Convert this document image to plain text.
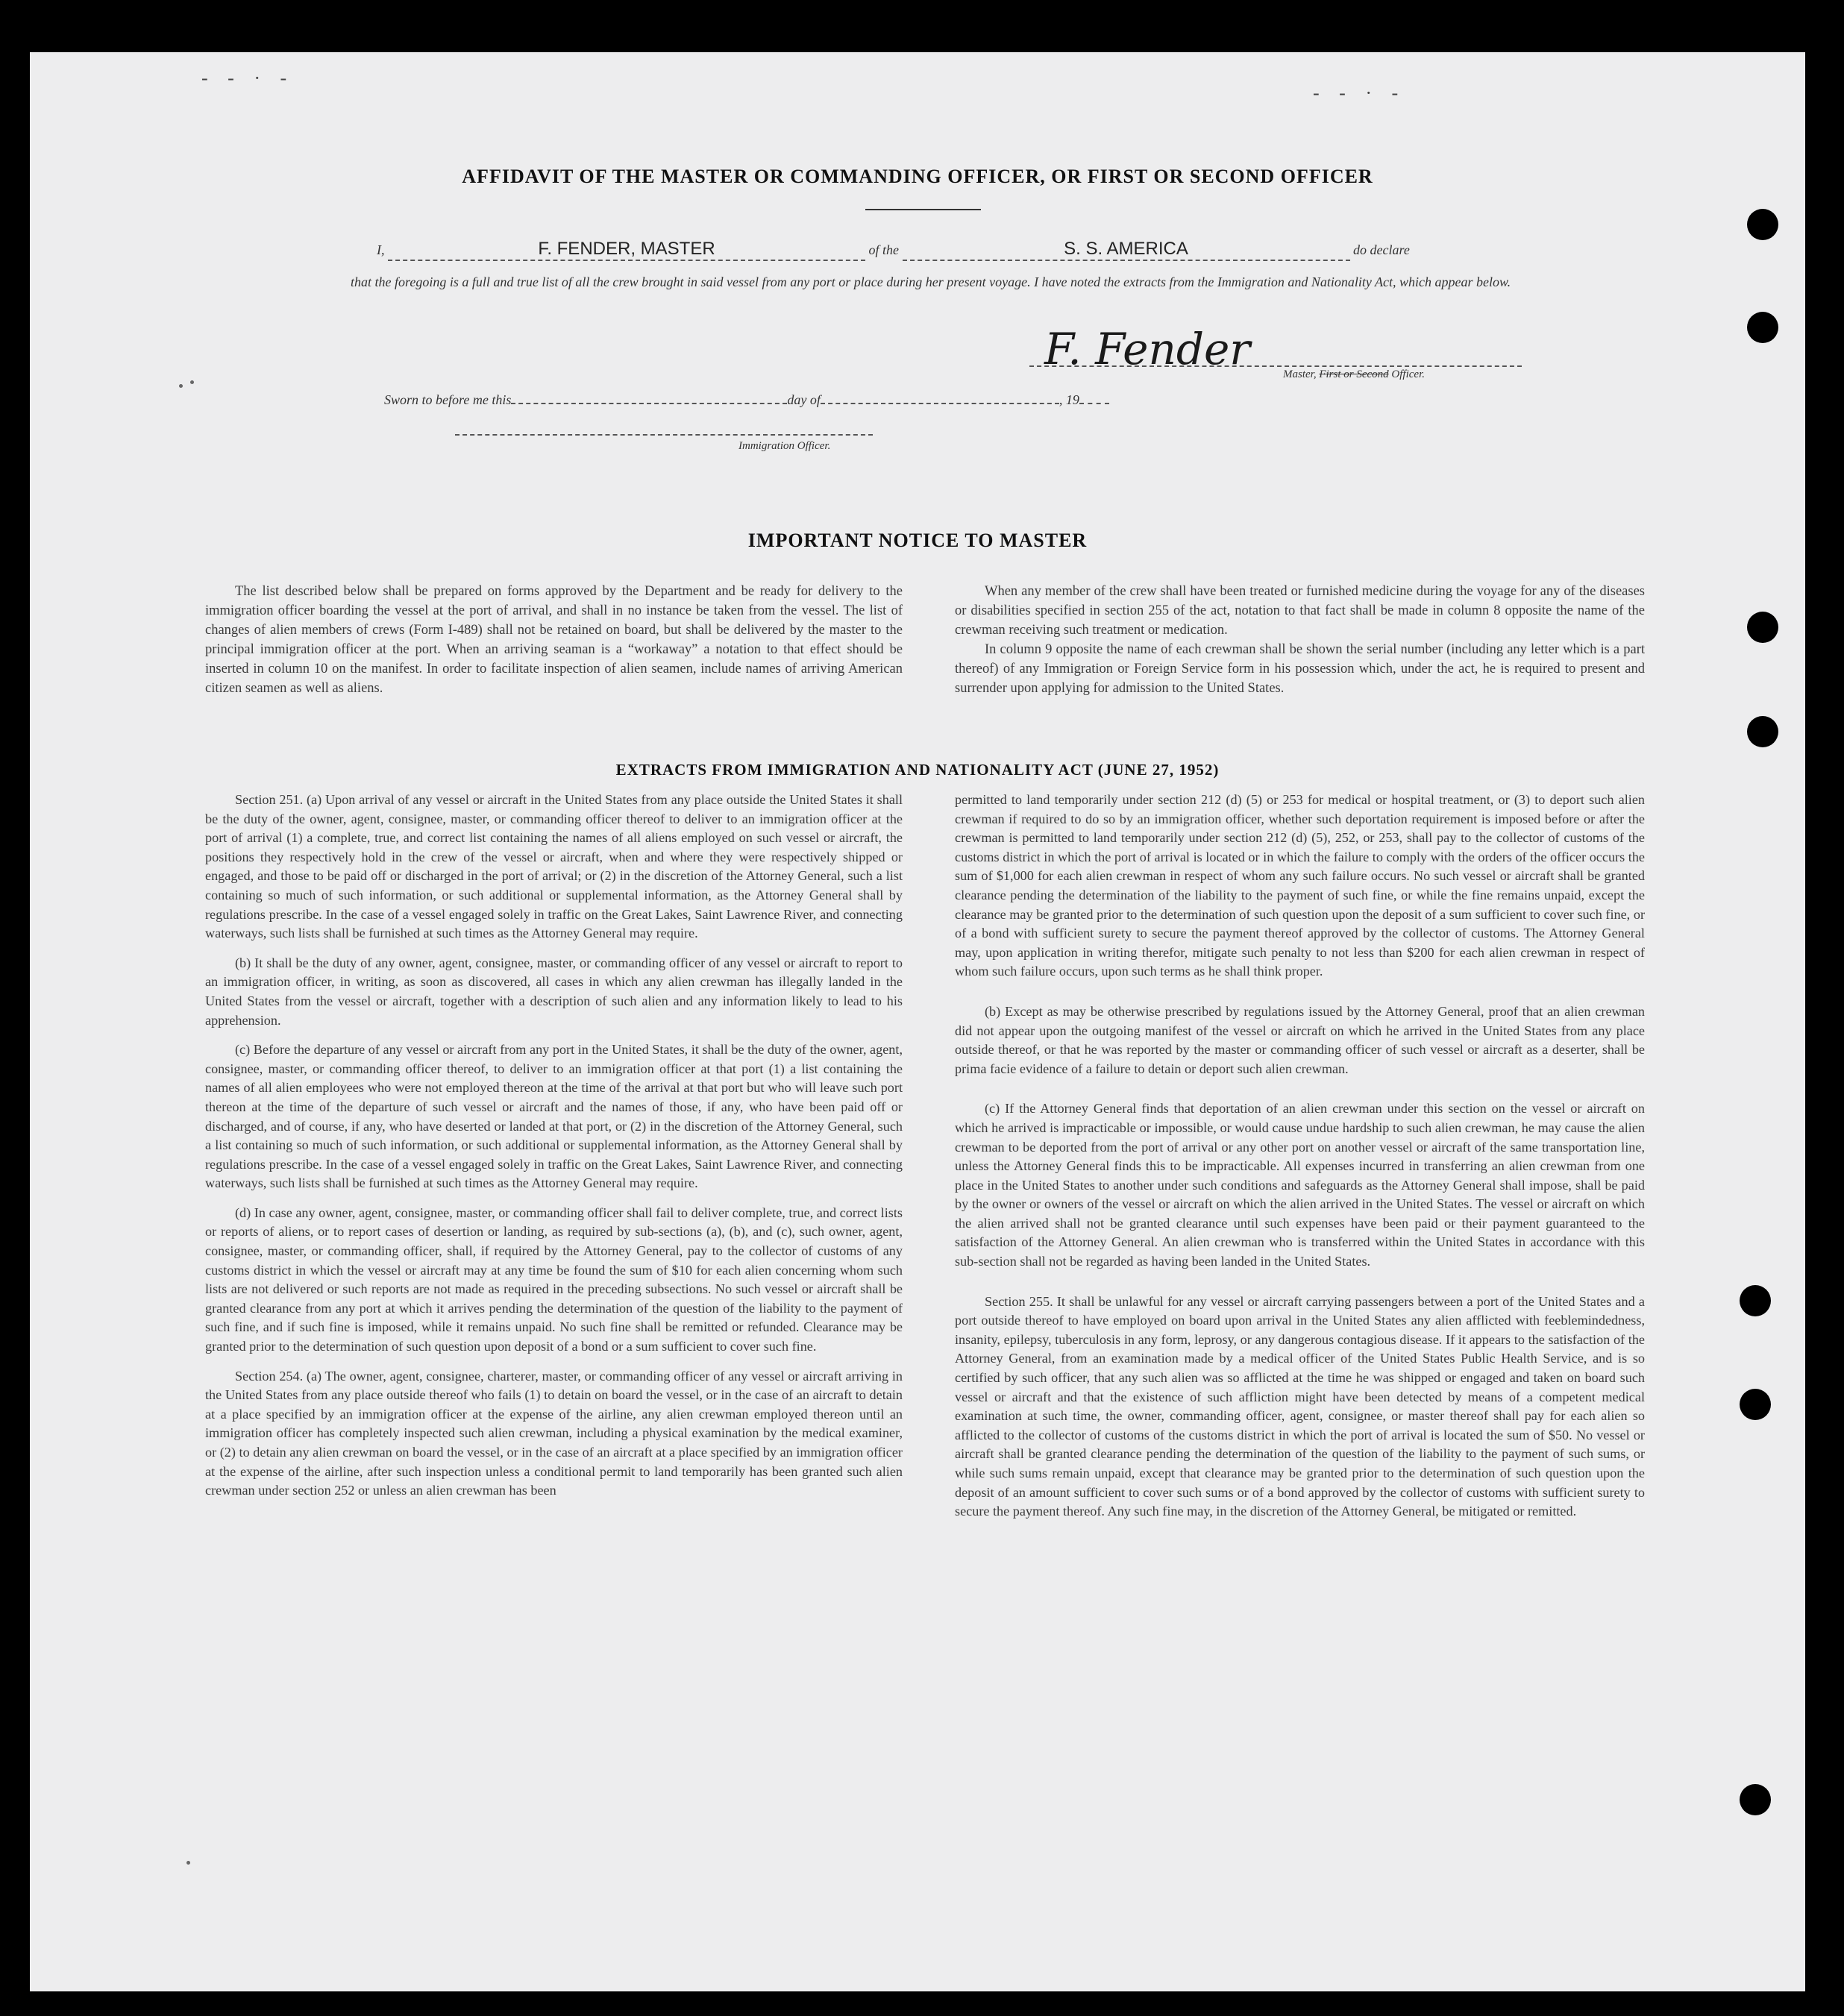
- - · -
- - · -
AFFIDAVIT OF THE MASTER OR COMMANDING OFFICER, OR FIRST OR SECOND OFFICER
I,	F. FENDER, MASTER	of the	S. S. AMERICA	do declare
that the foregoing is a full and true list of all the crew brought in said vessel from any port or place during her present voyage. I have noted the extracts from the Immigration and Nationality Act, which appear below.
F. Fender	Master, First or Second Officer.
Sworn to before me this	day of	, 19
Immigration Officer.
IMPORTANT NOTICE TO MASTER

The list described below shall be prepared on forms approved by the Department and be ready for delivery to the immigration officer boarding the vessel at the port of arrival, and shall in no instance be taken from the vessel. The list of changes of alien members of crews (Form I-489) shall not be retained on board, but shall be delivered by the master to the principal immigration officer at the port. When an arriving seaman is a “workaway” a notation to that effect should be inserted in column 10 on the manifest. In order to facilitate inspection of alien seamen, include names of arriving American citizen seamen as well as aliens.

When any member of the crew shall have been treated or furnished medicine during the voyage for any of the diseases or disabilities specified in section 255 of the act, notation to that fact shall be made in column 8 opposite the name of the crewman receiving such treatment or medication.

In column 9 opposite the name of each crewman shall be shown the serial number (including any letter which is a part thereof) of any Immigration or Foreign Service form in his possession which, under the act, he is required to present and surrender upon applying for admission to the United States.

EXTRACTS FROM IMMIGRATION AND NATIONALITY ACT (JUNE 27, 1952)

Section 251. (a) Upon arrival of any vessel or aircraft in the United States from any place outside the United States it shall be the duty of the owner, agent, consignee, master, or commanding officer thereof to deliver to an immigration officer at the port of arrival (1) a complete, true, and correct list containing the names of all aliens employed on such vessel or aircraft, the positions they respectively hold in the crew of the vessel or aircraft, when and where they were respectively shipped or engaged, and those to be paid off or discharged in the port of arrival; or (2) in the discretion of the Attorney General, such a list containing so much of such information, or such additional or supplemental information, as the Attorney General shall by regulations prescribe. In the case of a vessel engaged solely in traffic on the Great Lakes, Saint Lawrence River, and connecting waterways, such lists shall be furnished at such times as the Attorney General may require.

(b) It shall be the duty of any owner, agent, consignee, master, or commanding officer of any vessel or aircraft to report to an immigration officer, in writing, as soon as discovered, all cases in which any alien crewman has illegally landed in the United States from the vessel or aircraft, together with a description of such alien and any information likely to lead to his apprehension.

(c) Before the departure of any vessel or aircraft from any port in the United States, it shall be the duty of the owner, agent, consignee, master, or commanding officer thereof, to deliver to an immigration officer at that port (1) a list containing the names of all alien employees who were not employed thereon at the time of the arrival at that port but who will leave such port thereon at the time of the departure of such vessel or aircraft and the names of those, if any, who have been paid off or discharged, and of course, if any, who have deserted or landed at that port, or (2) in the discretion of the Attorney General, such a list containing so much of such information, or such additional or supplemental information, as the Attorney General shall by regulations prescribe. In the case of a vessel engaged solely in traffic on the Great Lakes, Saint Lawrence River, and connecting waterways, such lists shall be furnished at such times as the Attorney General may require.

(d) In case any owner, agent, consignee, master, or commanding officer shall fail to deliver complete, true, and correct lists or reports of aliens, or to report cases of desertion or landing, as required by sub-sections (a), (b), and (c), such owner, agent, consignee, master, or commanding officer, shall, if required by the Attorney General, pay to the collector of customs of any customs district in which the vessel or aircraft may at any time be found the sum of $10 for each alien concerning whom such lists are not delivered or such reports are not made as required in the preceding subsections. No such vessel or aircraft shall be granted clearance from any port at which it arrives pending the determination of the question of the liability to the payment of such fine, and if such fine is imposed, while it remains unpaid. No such fine shall be remitted or refunded. Clearance may be granted prior to the determination of such question upon deposit of a bond or a sum sufficient to cover such fine.

Section 254. (a) The owner, agent, consignee, charterer, master, or commanding officer of any vessel or aircraft arriving in the United States from any place outside thereof who fails (1) to detain on board the vessel, or in the case of an aircraft to detain at a place specified by an immigration officer at the expense of the airline, any alien crewman employed thereon until an immigration officer has completely inspected such alien crewman, including a physical examination by the medical examiner, or (2) to detain any alien crewman on board the vessel, or in the case of an aircraft at a place specified by an immigration officer at the expense of the airline, after such inspection unless a conditional permit to land temporarily has been granted such alien crewman under section 252 or unless an alien crewman has been

permitted to land temporarily under section 212 (d) (5) or 253 for medical or hospital treatment, or (3) to deport such alien crewman if required to do so by an immigration officer, whether such deportation requirement is imposed before or after the crewman is permitted to land temporarily under section 212 (d) (5), 252, or 253, shall pay to the collector of customs of the customs district in which the port of arrival is located or in which the failure to comply with the orders of the officer occurs the sum of $1,000 for each alien crewman in respect of whom any such failure occurs. No such vessel or aircraft shall be granted clearance pending the determination of the liability to the payment of such fine, or while the fine remains unpaid, except the clearance may be granted prior to the determination of such question upon the deposit of a sum sufficient to cover such fine, or of a bond with sufficient surety to secure the payment thereof approved by the collector of customs. The Attorney General may, upon application in writing therefor, mitigate such penalty to not less than $200 for each alien crewman in respect of whom such failure occurs, upon such terms as he shall think proper.

(b) Except as may be otherwise prescribed by regulations issued by the Attorney General, proof that an alien crewman did not appear upon the outgoing manifest of the vessel or aircraft on which he arrived in the United States from any place outside thereof, or that he was reported by the master or commanding officer of such vessel or aircraft as a deserter, shall be prima facie evidence of a failure to detain or deport such alien crewman.

(c) If the Attorney General finds that deportation of an alien crewman under this section on the vessel or aircraft on which he arrived is impracticable or impossible, or would cause undue hardship to such alien crewman, he may cause the alien crewman to be deported from the port of arrival or any other port on another vessel or aircraft of the same transportation line, unless the Attorney General finds this to be impracticable. All expenses incurred in transferring an alien crewman from one place in the United States to another under such conditions and safeguards as the Attorney General shall impose, shall be paid by the owner or owners of the vessel or aircraft on which the alien arrived in the United States. The vessel or aircraft on which the alien arrived shall not be granted clearance until such expenses have been paid or their payment guaranteed to the satisfaction of the Attorney General. An alien crewman who is transferred within the United States in accordance with this sub-section shall not be regarded as having been landed in the United States.

Section 255. It shall be unlawful for any vessel or aircraft carrying passengers between a port of the United States and a port outside thereof to have employed on board upon arrival in the United States any alien afflicted with feeblemindedness, insanity, epilepsy, tuberculosis in any form, leprosy, or any dangerous contagious disease. If it appears to the satisfaction of the Attorney General, from an examination made by a medical officer of the United States Public Health Service, and is so certified by such officer, that any such alien was so afflicted at the time he was shipped or engaged and taken on board such vessel or aircraft and that the existence of such affliction might have been detected by means of a competent medical examination at such time, the owner, commanding officer, agent, consignee, or master thereof shall pay for each alien so afflicted to the collector of customs of the customs district in which the port of arrival is located the sum of $50. No vessel or aircraft shall be granted clearance pending the determination of the question of the liability to the payment of such sums, or while such sums remain unpaid, except that clearance may be granted prior to the determination of such question upon the deposit of an amount sufficient to cover such sums or of a bond approved by the collector of customs with sufficient surety to secure the payment thereof. Any such fine may, in the discretion of the Attorney General, be mitigated or remitted.
